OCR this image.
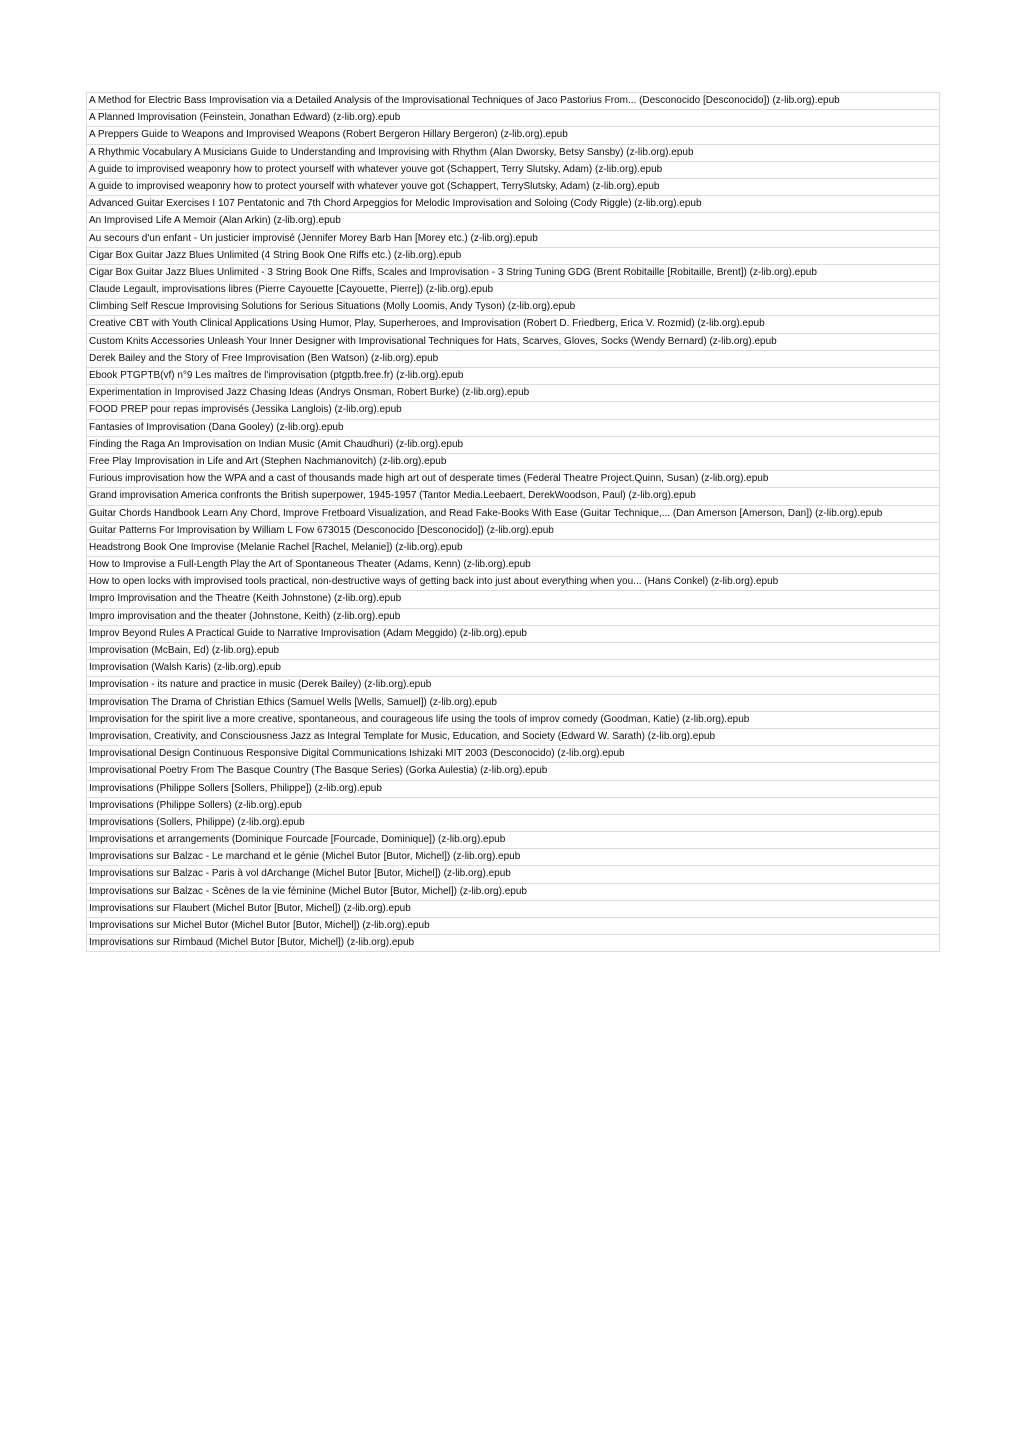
A Method for Electric Bass Improvisation via a Detailed Analysis of the Improvisational Techniques of Jaco Pastorius From... (Desconocido [Desconocido]) (z-lib.org).epub
A Planned Improvisation (Feinstein, Jonathan Edward) (z-lib.org).epub
A Preppers Guide to Weapons and Improvised Weapons (Robert Bergeron Hillary Bergeron) (z-lib.org).epub
A Rhythmic Vocabulary A Musicians Guide to Understanding and Improvising with Rhythm (Alan Dworsky, Betsy Sansby) (z-lib.org).epub
A guide to improvised weaponry how to protect yourself with whatever youve got (Schappert, Terry Slutsky, Adam) (z-lib.org).epub
A guide to improvised weaponry how to protect yourself with whatever youve got (Schappert, TerrySlutsky, Adam) (z-lib.org).epub
Advanced Guitar Exercises I 107 Pentatonic and 7th Chord Arpeggios for Melodic Improvisation and Soloing (Cody Riggle) (z-lib.org).epub
An Improvised Life A Memoir (Alan Arkin) (z-lib.org).epub
Au secours d'un enfant - Un justicier improvisé (Jennifer Morey Barb Han [Morey etc.) (z-lib.org).epub
Cigar Box Guitar Jazz Blues Unlimited (4 String Book One Riffs etc.) (z-lib.org).epub
Cigar Box Guitar Jazz Blues Unlimited - 3 String Book One Riffs, Scales and Improvisation - 3 String Tuning GDG (Brent Robitaille [Robitaille, Brent]) (z-lib.org).epub
Claude Legault, improvisations libres (Pierre Cayouette [Cayouette, Pierre]) (z-lib.org).epub
Climbing Self Rescue Improvising Solutions for Serious Situations (Molly Loomis, Andy Tyson) (z-lib.org).epub
Creative CBT with Youth Clinical Applications Using Humor, Play, Superheroes, and Improvisation (Robert D. Friedberg, Erica V. Rozmid) (z-lib.org).epub
Custom Knits Accessories Unleash Your Inner Designer with Improvisational Techniques for Hats, Scarves, Gloves, Socks (Wendy Bernard) (z-lib.org).epub
Derek Bailey and the Story of Free Improvisation (Ben Watson) (z-lib.org).epub
Ebook PTGPTB(vf) n°9 Les maîtres de l'improvisation (ptgptb.free.fr) (z-lib.org).epub
Experimentation in Improvised Jazz Chasing Ideas (Andrys Onsman, Robert Burke) (z-lib.org).epub
FOOD PREP pour repas improvisés (Jessika Langlois) (z-lib.org).epub
Fantasies of Improvisation (Dana Gooley) (z-lib.org).epub
Finding the Raga An Improvisation on Indian Music (Amit Chaudhuri) (z-lib.org).epub
Free Play Improvisation in Life and Art (Stephen Nachmanovitch) (z-lib.org).epub
Furious improvisation how the WPA and a cast of thousands made high art out of desperate times (Federal Theatre Project.Quinn, Susan) (z-lib.org).epub
Grand improvisation America confronts the British superpower, 1945-1957 (Tantor Media.Leebaert, DerekWoodson, Paul) (z-lib.org).epub
Guitar Chords Handbook Learn Any Chord, Improve Fretboard Visualization, and Read Fake-Books With Ease (Guitar Technique,... (Dan Amerson [Amerson, Dan]) (z-lib.org).epub
Guitar Patterns For Improvisation by William L Fow 673015 (Desconocido [Desconocido]) (z-lib.org).epub
Headstrong Book One Improvise (Melanie Rachel [Rachel, Melanie]) (z-lib.org).epub
How to Improvise a Full-Length Play the Art of Spontaneous Theater (Adams, Kenn) (z-lib.org).epub
How to open locks with improvised tools practical, non-destructive ways of getting back into just about everything when you... (Hans Conkel) (z-lib.org).epub
Impro Improvisation and the Theatre (Keith Johnstone) (z-lib.org).epub
Impro improvisation and the theater (Johnstone, Keith) (z-lib.org).epub
Improv Beyond Rules A Practical Guide to Narrative Improvisation (Adam Meggido) (z-lib.org).epub
Improvisation (McBain, Ed) (z-lib.org).epub
Improvisation (Walsh Karis) (z-lib.org).epub
Improvisation - its nature and practice in music (Derek Bailey) (z-lib.org).epub
Improvisation The Drama of Christian Ethics (Samuel Wells [Wells, Samuel]) (z-lib.org).epub
Improvisation for the spirit live a more creative, spontaneous, and courageous life using the tools of improv comedy (Goodman, Katie) (z-lib.org).epub
Improvisation, Creativity, and Consciousness Jazz as Integral Template for Music, Education, and Society (Edward W. Sarath) (z-lib.org).epub
Improvisational Design Continuous Responsive Digital Communications Ishizaki MIT 2003 (Desconocido) (z-lib.org).epub
Improvisational Poetry From The Basque Country (The Basque Series) (Gorka Aulestia) (z-lib.org).epub
Improvisations (Philippe Sollers [Sollers, Philippe]) (z-lib.org).epub
Improvisations (Philippe Sollers) (z-lib.org).epub
Improvisations (Sollers, Philippe) (z-lib.org).epub
Improvisations et arrangements (Dominique Fourcade [Fourcade, Dominique]) (z-lib.org).epub
Improvisations sur Balzac - Le marchand et le génie (Michel Butor [Butor, Michel]) (z-lib.org).epub
Improvisations sur Balzac - Paris à vol dArchange (Michel Butor [Butor, Michel]) (z-lib.org).epub
Improvisations sur Balzac - Scènes de la vie féminine (Michel Butor [Butor, Michel]) (z-lib.org).epub
Improvisations sur Flaubert (Michel Butor [Butor, Michel]) (z-lib.org).epub
Improvisations sur Michel Butor (Michel Butor [Butor, Michel]) (z-lib.org).epub
Improvisations sur Rimbaud (Michel Butor [Butor, Michel]) (z-lib.org).epub
